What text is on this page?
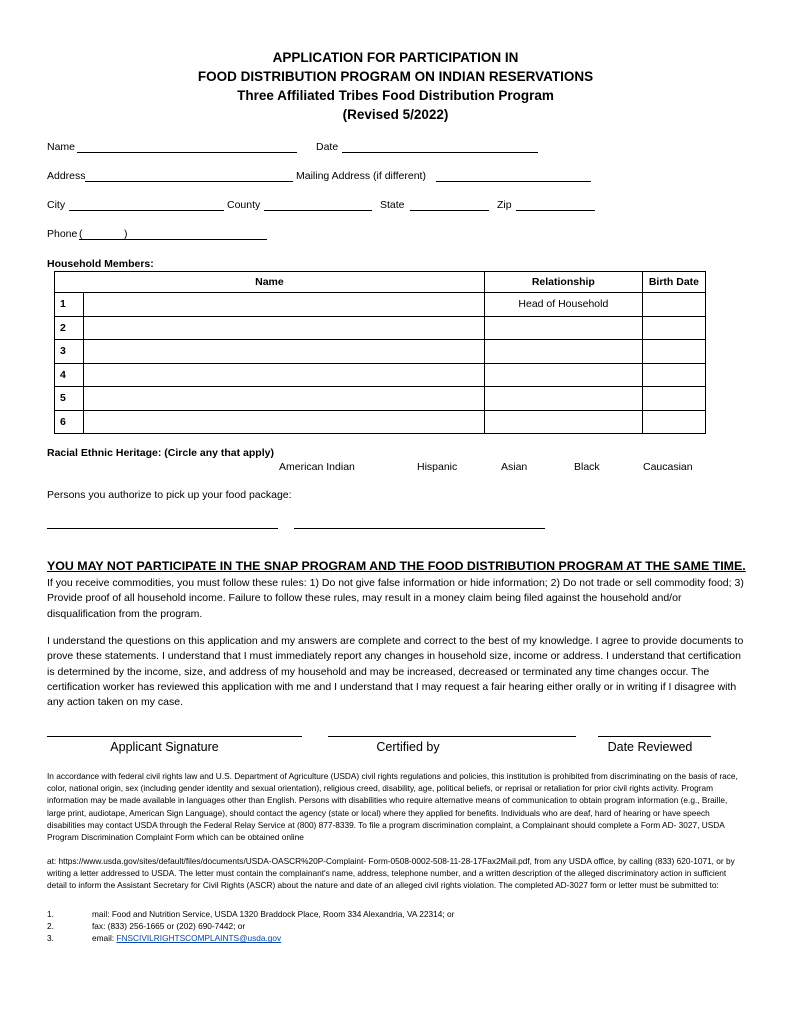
APPLICATION FOR PARTICIPATION IN
FOOD DISTRIBUTION PROGRAM ON INDIAN RESERVATIONS
Three Affiliated Tribes Food Distribution Program
(Revised 5/2022)
Name	Date
Address	Mailing Address (if different)
City	County	State	Zip
Phone (	)
Household Members:
Name		Relationship	Birth Date
1		Head of Household	
2			
3			
4			
5			
6			
Racial Ethnic Heritage: (Circle any that apply)
American Indian	Hispanic	Asian	Black	Caucasian
Persons you authorize to pick up your food package:
YOU MAY NOT PARTICIPATE IN THE SNAP PROGRAM AND THE FOOD DISTRIBUTION PROGRAM AT THE SAME TIME.
If you receive commodities, you must follow these rules: 1) Do not give false information or hide information; 2) Do not trade or sell commodity food; 3) Provide proof of all household income. Failure to follow these rules, may result in a money claim being filed against the household and/or disqualification from the program.
I understand the questions on this application and my answers are complete and correct to the best of my knowledge. I agree to provide documents to prove these statements. I understand that I must immediately report any changes in household size, income or address. I understand that certification is determined by the income, size, and address of my household and may be increased, decreased or terminated any time changes occur. The certification worker has reviewed this application with me and I understand that I may request a fair hearing either orally or in writing if I disagree with any action taken on my case.
Applicant Signature	Certified by	Date Reviewed
In accordance with federal civil rights law and U.S. Department of Agriculture (USDA) civil rights regulations and policies, this institution is prohibited from discriminating on the basis of race, color, national origin, sex (including gender identity and sexual orientation), religious creed, disability, age, political beliefs, or reprisal or retaliation for prior civil rights activity. Program information may be made available in languages other than English. Persons with disabilities who require alternative means of communication to obtain program information (e.g., Braille, large print, audiotape, American Sign Language), should contact the agency (state or local) where they applied for benefits. Individuals who are deaf, hard of hearing or have speech disabilities may contact USDA through the Federal Relay Service at (800) 877-8339. To file a program discrimination complaint, a Complainant should complete a Form AD- 3027, USDA Program Discrimination Complaint Form which can be obtained online
at: https://www.usda.gov/sites/default/files/documents/USDA-OASCR%20P-Complaint- Form-0508-0002-508-11-28-17Fax2Mail.pdf, from any USDA office, by calling (833) 620-1071, or by writing a letter addressed to USDA. The letter must contain the complainant's name, address, telephone number, and a written description of the alleged discriminatory action in sufficient detail to inform the Assistant Secretary for Civil Rights (ASCR) about the nature and date of an alleged civil rights violation. The completed AD-3027 form or letter must be submitted to:
1.	mail: Food and Nutrition Service, USDA 1320 Braddock Place, Room 334 Alexandria, VA 22314; or
2.	fax: (833) 256-1665 or (202) 690-7442; or
3.	email: FNSCIVILRIGHTSCOMPLAINTS@usda.gov
